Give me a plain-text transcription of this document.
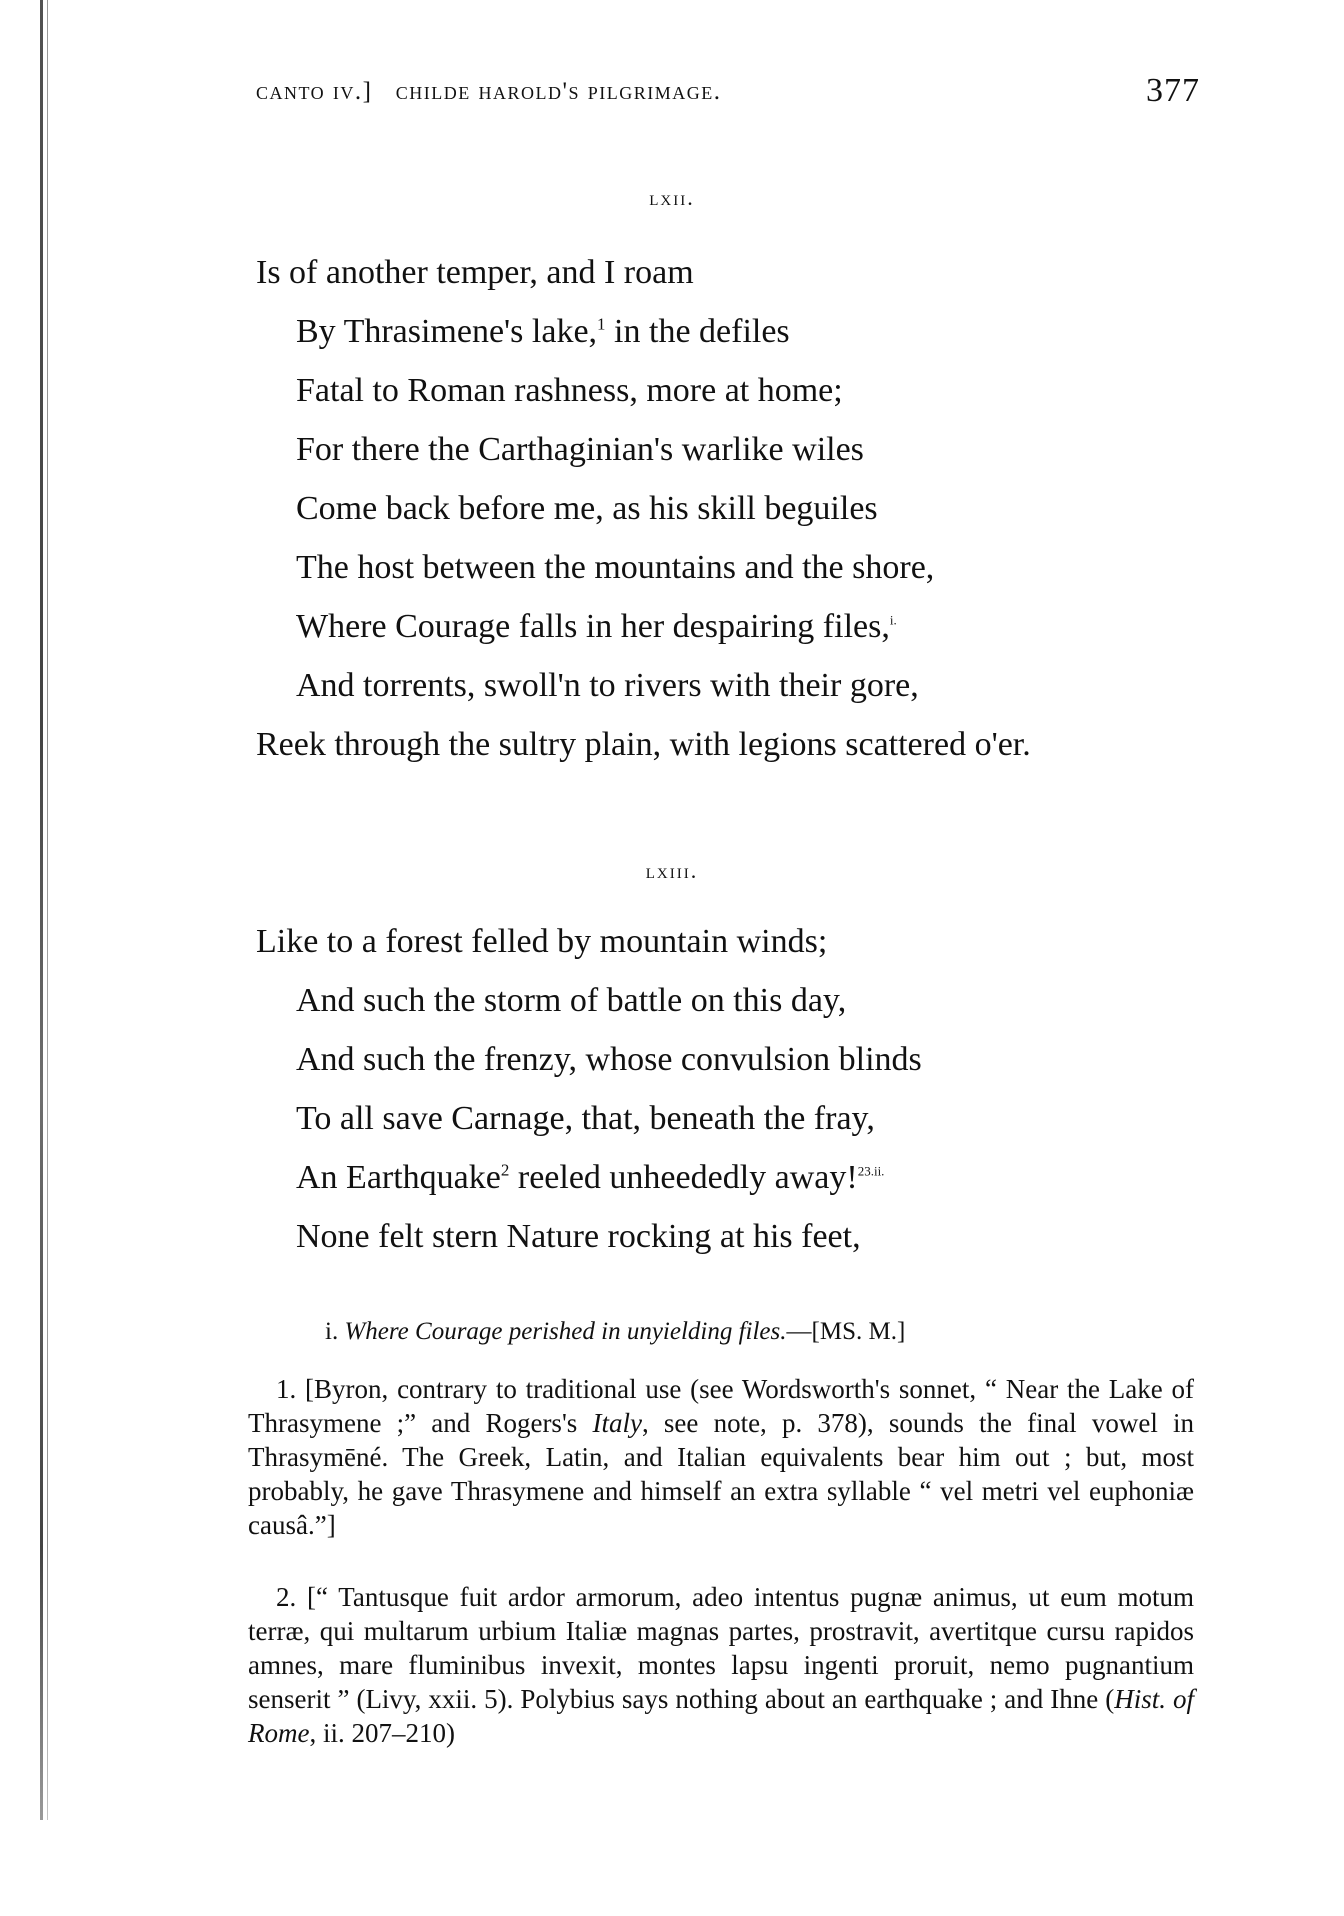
canto iv.] childe harold's pilgrimage.	377
lxii.
Is of another temper, and I roam
By Thrasimene's lake,$^1$ in the defiles
Fatal to Roman rashness, more at home;
For there the Carthaginian's warlike wiles
Come back before me, as his skill beguiles
The host between the mountains and the shore,
Where Courage falls in her despairing files,$^{i.}$
And torrents, swoll'n to rivers with their gore,
Reek through the sultry plain, with legions scattered o'er.
lxiii.
Like to a forest felled by mountain winds;
And such the storm of battle on this day,
And such the frenzy, whose convulsion blinds
To all save Carnage, that, beneath the fray,
An Earthquake$^2$ reeled unheededly away!$^{23.ii.}$
None felt stern Nature rocking at his feet,
i. Where Courage perished in unyielding files.—[MS. M.]
1. [Byron, contrary to traditional use (see Wordsworth's sonnet, “ Near the Lake of Thrasymene ;” and Rogers's Italy, see note, p. 378), sounds the final vowel in Thrasymēné. The Greek, Latin, and Italian equivalents bear him out ; but, most probably, he gave Thrasymene and himself an extra syllable “ vel metri vel euphoniæ causâ.”]
2. [“ Tantusque fuit ardor armorum, adeo intentus pugnæ animus, ut eum motum terræ, qui multarum urbium Italiæ magnas partes, prostravit, avertitque cursu rapidos amnes, mare fluminibus invexit, montes lapsu ingenti proruit, nemo pugnantium senserit ” (Livy, xxii. 5). Polybius says nothing about an earthquake ; and Ihne (Hist. of Rome, ii. 207–210)
